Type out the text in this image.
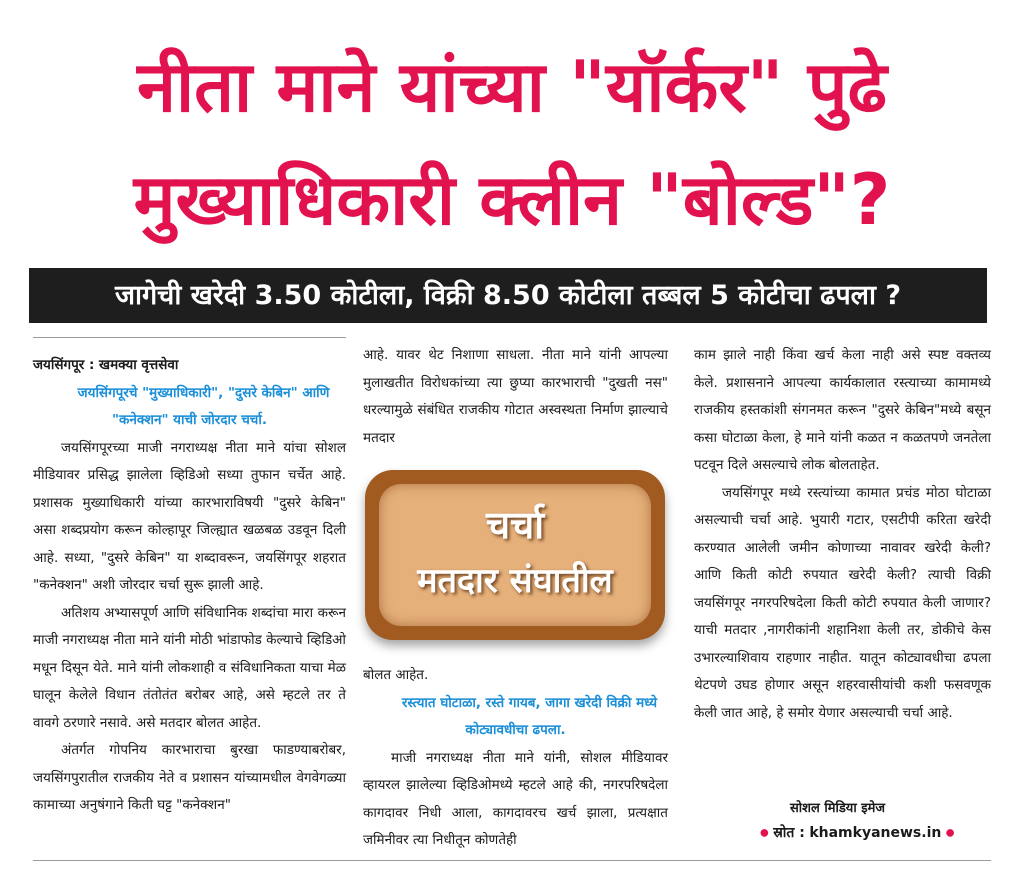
नीता माने यांच्या "यॉर्कर" पुढे
मुख्याधिकारी क्लीन "बोल्ड"?
जागेची खरेदी 3.50 कोटीला, विक्री 8.50 कोटीला तब्बल 5 कोटीचा ढपला ?

जयसिंगपूर : खमक्या वृत्तसेवा

जयसिंगपूरचे "मुख्याधिकारी", "दुसरे केबिन" आणि "कनेक्शन" याची जोरदार चर्चा.

जयसिंगपूरच्या माजी नगराध्यक्ष नीता माने यांचा सोशल मीडियावर प्रसिद्ध झालेला व्हिडिओ सध्या तुफान चर्चेत आहे. प्रशासक मुख्याधिकारी यांच्या कारभाराविषयी "दुसरे केबिन" असा शब्दप्रयोग करून कोल्हापूर जिल्ह्यात खळबळ उडवून दिली आहे. सध्या, "दुसरे केबिन" या शब्दावरून, जयसिंगपूर शहरात "कनेक्शन" अशी जोरदार चर्चा सुरू झाली आहे.

अतिशय अभ्यासपूर्ण आणि संविधानिक शब्दांचा मारा करून माजी नगराध्यक्ष नीता माने यांनी मोठी भांडाफोड केल्याचे व्हिडिओ मधून दिसून येते. माने यांनी लोकशाही व संविधानिकता याचा मेळ घालून केलेले विधान तंतोतंत बरोबर आहे, असे म्हटले तर ते वावगे ठरणारे नसावे. असे मतदार बोलत आहेत.

अंतर्गत गोपनिय कारभाराचा बुरखा फाडण्याबरोबर, जयसिंगपुरातील राजकीय नेते व प्रशासन यांच्यामधील वेगवेगळ्या कामाच्या अनुषंगाने किती घट्ट "कनेक्शन"

आहे. यावर थेट निशाणा साधला. नीता माने यांनी आपल्या मुलाखतीत विरोधकांच्या त्या छुप्या कारभाराची "दुखती नस" धरल्यामुळे संबंधित राजकीय गोटात अस्वस्थता निर्माण झाल्याचे मतदार

चर्चा
मतदार संघातील

बोलत आहेत.

रस्त्यात घोटाळा, रस्ते गायब, जागा खरेदी विक्री मध्ये कोट्यावधीचा ढपला.

माजी नगराध्यक्ष नीता माने यांनी, सोशल मीडियावर व्हायरल झालेल्या व्हिडिओमध्ये म्हटले आहे की, नगरपरिषदेला कागदावर निधी आला, कागदावरच खर्च झाला, प्रत्यक्षात जमिनीवर त्या निधीतून कोणतेही

काम झाले नाही किंवा खर्च केला नाही असे स्पष्ट वक्तव्य केले. प्रशासनाने आपल्या कार्यकालात रस्त्याच्या कामामध्ये राजकीय हस्तकांशी संगनमत करून "दुसरे केबिन"मध्ये बसून कसा घोटाळा केला, हे माने यांनी कळत न कळतपणे जनतेला पटवून दिले असल्याचे लोक बोलताहेत.

जयसिंगपूर मध्ये रस्त्यांच्या कामात प्रचंड मोठा घोटाळा असल्याची चर्चा आहे. भुयारी गटार, एसटीपी करिता खरेदी करण्यात आलेली जमीन कोणाच्या नावावर खरेदी केली? आणि किती कोटी रुपयात खरेदी केली? त्याची विक्री जयसिंगपूर नगरपरिषदेला किती कोटी रुपयात केली जाणार? याची मतदार ,नागरीकांनी शहानिशा केली तर, डोकीचे केस उभारल्याशिवाय राहणार नाहीत. यातून कोट्यावधीचा ढपला थेटपणे उघड होणार असून शहरवासीयांची कशी फसवणूक केली जात आहे, हे समोर येणार असल्याची चर्चा आहे.

सोशल मिडिया इमेज
● स्रोत : khamkyanews.in ●
